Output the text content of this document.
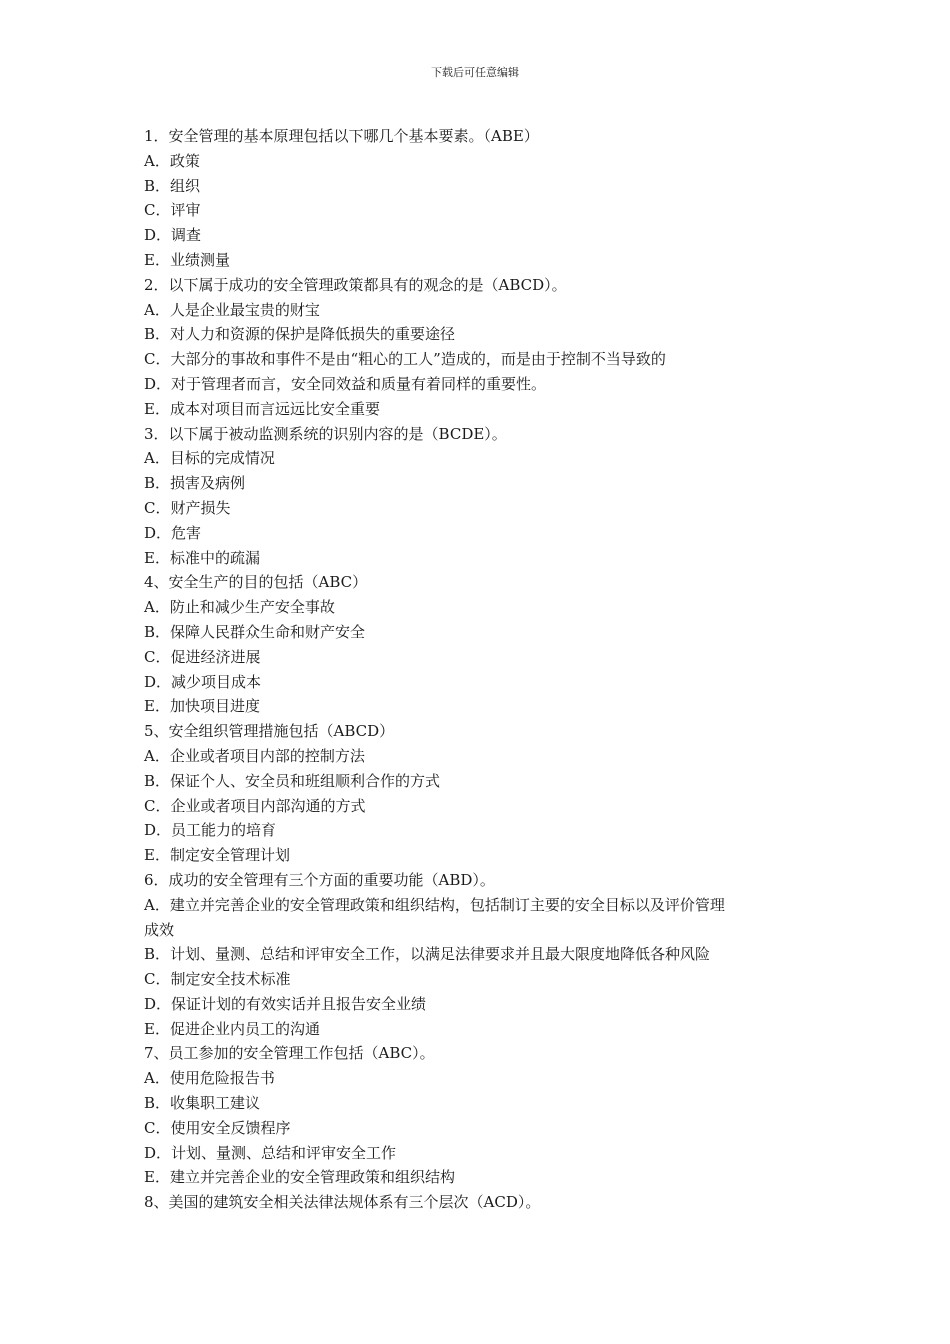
下载后可任意编辑
1．安全管理的基本原理包括以下哪几个基本要素。（ABE）
A．政策
B．组织
C．评审
D．调查
E．业绩测量
2．以下属于成功的安全管理政策都具有的观念的是（ABCD）。
A．人是企业最宝贵的财宝
B．对人力和资源的保护是降低损失的重要途径
C．大部分的事故和事件不是由“粗心的工人”造成的，而是由于控制不当导致的
D．对于管理者而言，安全同效益和质量有着同样的重要性。
E．成本对项目而言远远比安全重要
3．以下属于被动监测系统的识别内容的是（BCDE）。
A．目标的完成情况
B．损害及病例
C．财产损失
D．危害
E．标准中的疏漏
4、安全生产的目的包括（ABC）
A．防止和减少生产安全事故
B．保障人民群众生命和财产安全
C．促进经济进展
D．减少项目成本
E．加快项目进度
5、安全组织管理措施包括（ABCD）
A．企业或者项目内部的控制方法
B．保证个人、安全员和班组顺利合作的方式
C．企业或者项目内部沟通的方式
D．员工能力的培育
E．制定安全管理计划
6．成功的安全管理有三个方面的重要功能（ABD）。
A．建立并完善企业的安全管理政策和组织结构，包括制订主要的安全目标以及评价管理
成效
B．计划、量测、总结和评审安全工作，以满足法律要求并且最大限度地降低各种风险
C．制定安全技术标准
D．保证计划的有效实话并且报告安全业绩
E．促进企业内员工的沟通
7、员工参加的安全管理工作包括（ABC）。
A．使用危险报告书
B．收集职工建议
C．使用安全反馈程序
D．计划、量测、总结和评审安全工作
E．建立并完善企业的安全管理政策和组织结构
8、美国的建筑安全相关法律法规体系有三个层次（ACD）。
